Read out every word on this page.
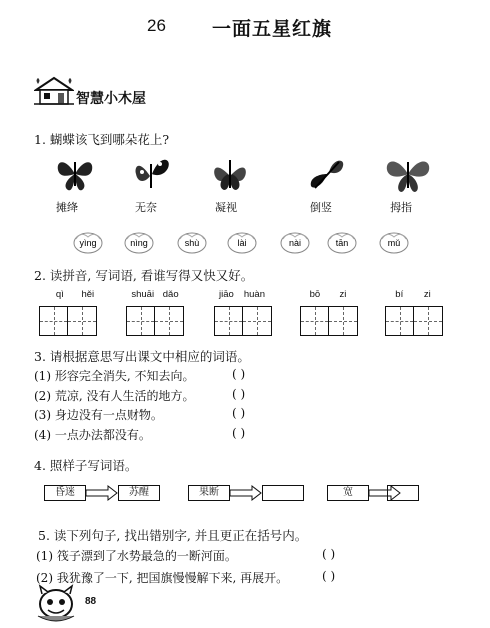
26 一面五星红旗
智慧小木屋
1. 蝴蝶该飞到哪朵花上?
摊绛	无奈	凝视	倒竖	拇指
yìng	nìng	shù	lài	nài	tān	mǔ
2. 读拼音, 写词语, 看谁写得又快又好。
qì hěi	shuāi dǎo	jiāo huàn	bō zi	bí zi
3. 请根据意思写出课文中相应的词语。
(1) 形容完全消失, 不知去向。	( )
(2) 荒凉, 没有人生活的地方。	( )
(3) 身边没有一点财物。	( )
(4) 一点办法都没有。	( )
4. 照样子写词语。
昏迷	苏醒	果断	宽
5. 读下列句子, 找出错别字, 并且更正在括号内。
(1) 筏子漂到了水势最急的一断河面。	( )
(2) 我犹豫了一下, 把国旗慢慢解下来, 再展开。	( )
88
